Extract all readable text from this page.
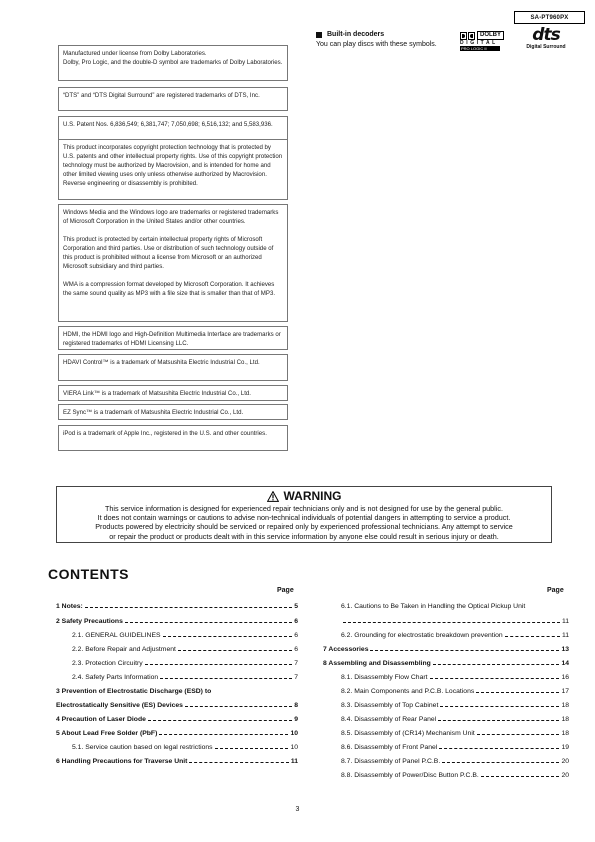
SA-PT960PX

Manufactured under license from Dolby Laboratories.
Dolby, Pro Logic, and the double-D symbol are trademarks of Dolby Laboratories.

“DTS” and “DTS Digital Surround” are registered trademarks of DTS, Inc.

U.S. Patent Nos. 6,836,549; 6,381,747; 7,050,698; 6,516,132; and 5,583,936.

This product incorporates copyright protection technology that is protected by U.S. patents and other intellectual property rights. Use of this copyright protection technology must be authorized by Macrovision, and is intended for home and other limited viewing uses only unless otherwise authorized by Macrovision. Reverse engineering or disassembly is prohibited.

Windows Media and the Windows logo are trademarks or registered trademarks of Microsoft Corporation in the United States and/or other countries.

This product is protected by certain intellectual property rights of Microsoft Corporation and third parties. Use or distribution of such technology outside of this product is prohibited without a license from Microsoft or an authorized Microsoft subsidiary and third parties.

WMA is a compression format developed by Microsoft Corporation. It achieves the same sound quality as MP3 with a file size that is smaller than that of MP3.

HDMI, the HDMI logo and High-Definition Multimedia Interface are trademarks or registered trademarks of HDMI Licensing LLC.

HDAVI Control™ is a trademark of Matsushita Electric Industrial Co., Ltd.

VIERA Link™ is a trademark of Matsushita Electric Industrial Co., Ltd.

EZ Sync™ is a trademark of Matsushita Electric Industrial Co., Ltd.

iPod is a trademark of Apple Inc., registered in the U.S. and other countries.

Built-in decoders
You can play discs with these symbols.
DOLBY
DIGITAL
PRO LOGIC II
dts
Digital Surround
WARNING
This service information is designed for experienced repair technicians only and is not designed for use by the general public.
It does not contain warnings or cautions to advise non-technical individuals of potential dangers in attempting to service a product.
Products powered by electricity should be serviced or repaired only by experienced professional technicians. Any attempt to service
or repair the product or products dealt with in this service information by anyone else could result in serious injury or death.
CONTENTS
Page	Page
1 Notes:	5
2 Safety Precautions	6
2.1. GENERAL GUIDELINES	6
2.2. Before Repair and Adjustment	6
2.3. Protection Circuitry	7
2.4. Safety Parts Information	7
3 Prevention of Electrostatic Discharge (ESD) to
Electrostatically Sensitive (ES) Devices	8
4 Precaution of Laser Diode	9
5 About Lead Free Solder (PbF)	10
5.1. Service caution based on legal restrictions	10
6 Handling Precautions for Traverse Unit	11
6.1. Cautions to Be Taken in Handling the Optical Pickup Unit
11
6.2. Grounding for electrostatic breakdown prevention	11
7 Accessories	13
8 Assembling and Disassembling	14
8.1. Disassembly Flow Chart	16
8.2. Main Components and P.C.B. Locations	17
8.3. Disassembly of Top Cabinet	18
8.4. Disassembly of Rear Panel	18
8.5. Disassembly of (CR14) Mechanism Unit	18
8.6. Disassembly of Front Panel	19
8.7. Disassembly of Panel P.C.B.	20
8.8. Disassembly of Power/Disc Button P.C.B.	20
3
